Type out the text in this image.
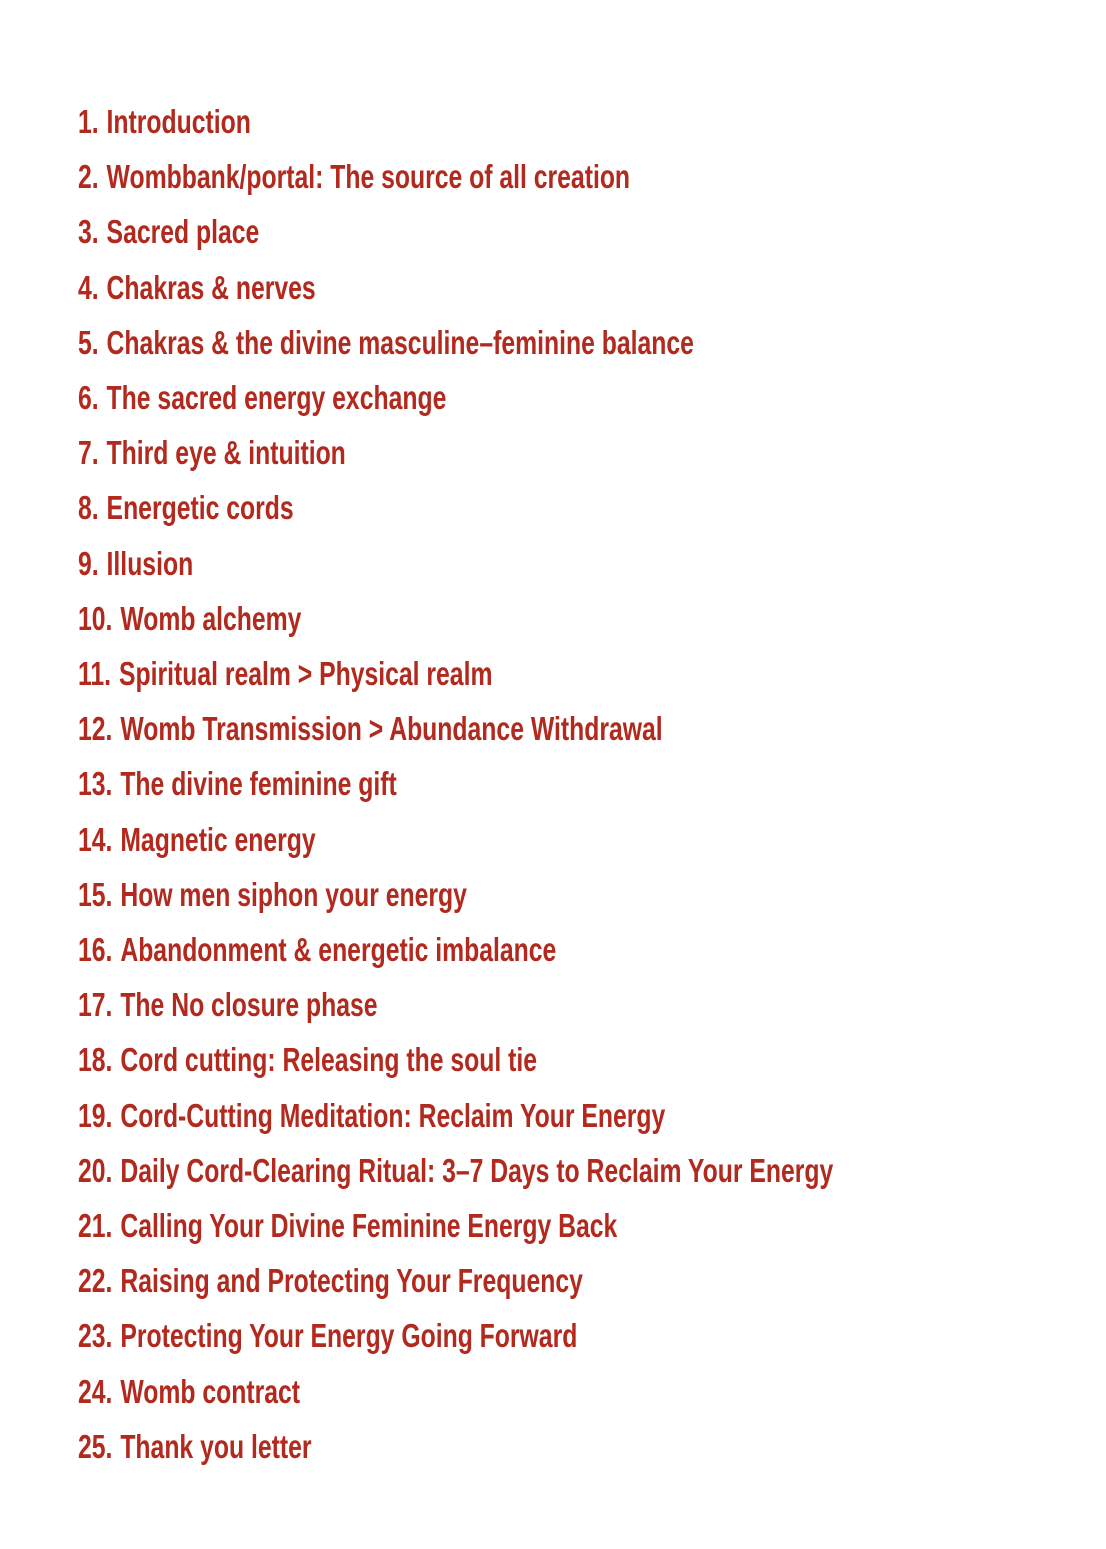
1. Introduction
2. Wombbank/portal: The source of all creation
3. Sacred place
4. Chakras & nerves
5. Chakras & the divine masculine–feminine balance
6. The sacred energy exchange
7. Third eye & intuition
8. Energetic cords
9. Illusion
10. Womb alchemy
11. Spiritual realm > Physical realm
12. Womb Transmission > Abundance Withdrawal
13. The divine feminine gift
14. Magnetic energy
15. How men siphon your energy
16. Abandonment & energetic imbalance
17. The No closure phase
18. Cord cutting: Releasing the soul tie
19. Cord-Cutting Meditation: Reclaim Your Energy
20. Daily Cord-Clearing Ritual: 3–7 Days to Reclaim Your Energy
21. Calling Your Divine Feminine Energy Back
22. Raising and Protecting Your Frequency
23. Protecting Your Energy Going Forward
24. Womb contract
25. Thank you letter
